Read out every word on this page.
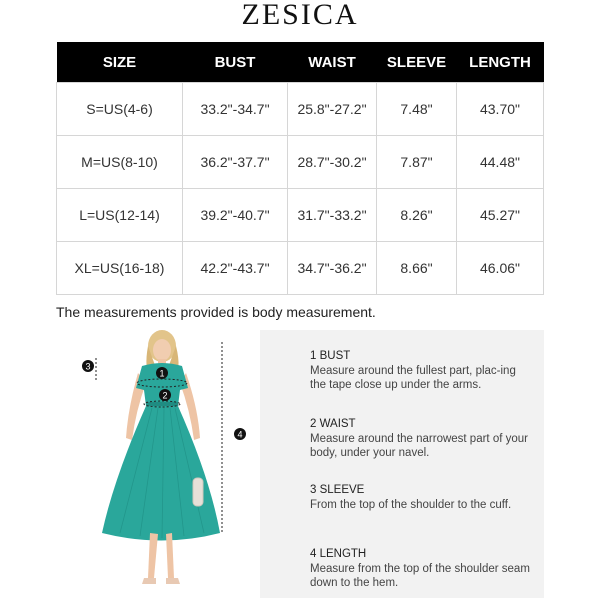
ZESICA
SIZE	BUST	WAIST	SLEEVE	LENGTH
S=US(4-6)	33.2"-34.7"	25.8"-27.2"	7.48"	43.70"
M=US(8-10)	36.2"-37.7"	28.7"-30.2"	7.87"	44.48"
L=US(12-14)	39.2"-40.7"	31.7"-33.2"	8.26"	45.27"
XL=US(16-18)	42.2"-43.7"	34.7"-36.2"	8.66"	46.06"
The measurements provided is body measurement.
1
2
3
4
1 BUST
Measure around the fullest part, plac-ing the tape close up under the arms.
2 WAIST
Measure around the narrowest part of your body, under your navel.
3 SLEEVE
From the top of the shoulder to the cuff.
4 LENGTH
Measure from the top of the shoulder seam down to the hem.
